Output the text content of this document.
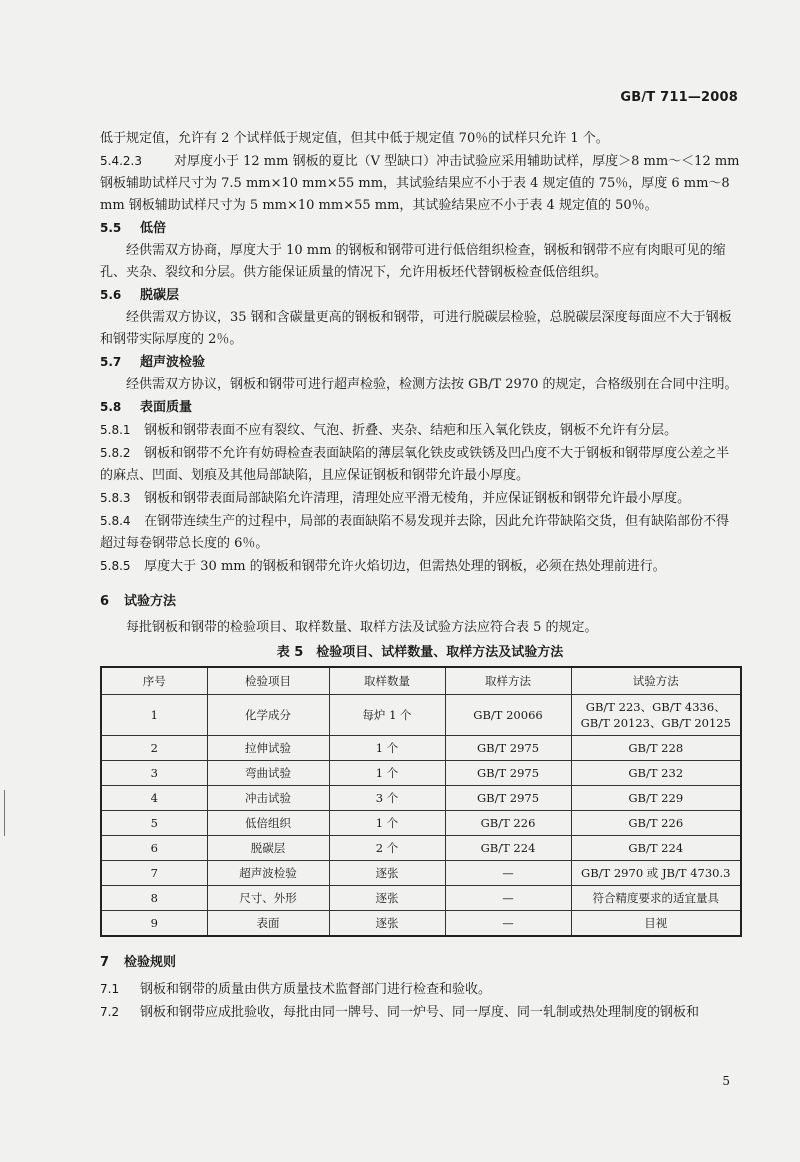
GB/T 711—2008

低于规定值，允许有 2 个试样低于规定值，但其中低于规定值 70％的试样只允许 1 个。

5.4.2.3 对厚度小于 12 mm 钢板的夏比（V 型缺口）冲击试验应采用辅助试样，厚度＞8 mm～＜12 mm 钢板辅助试样尺寸为 7.5 mm×10 mm×55 mm，其试验结果应不小于表 4 规定值的 75％，厚度 6 mm～8 mm 钢板辅助试样尺寸为 5 mm×10 mm×55 mm，其试验结果应不小于表 4 规定值的 50％。

5.5 低倍

经供需双方协商，厚度大于 10 mm 的钢板和钢带可进行低倍组织检查，钢板和钢带不应有肉眼可见的缩孔、夹杂、裂纹和分层。供方能保证质量的情况下，允许用板坯代替钢板检查低倍组织。

5.6 脱碳层

经供需双方协议，35 钢和含碳量更高的钢板和钢带，可进行脱碳层检验，总脱碳层深度每面应不大于钢板和钢带实际厚度的 2％。

5.7 超声波检验

经供需双方协议，钢板和钢带可进行超声检验，检测方法按 GB/T 2970 的规定，合格级别在合同中注明。

5.8 表面质量

5.8.1 钢板和钢带表面不应有裂纹、气泡、折叠、夹杂、结疤和压入氧化铁皮，钢板不允许有分层。

5.8.2 钢板和钢带不允许有妨碍检查表面缺陷的薄层氧化铁皮或铁锈及凹凸度不大于钢板和钢带厚度公差之半的麻点、凹面、划痕及其他局部缺陷，且应保证钢板和钢带允许最小厚度。

5.8.3 钢板和钢带表面局部缺陷允许清理，清理处应平滑无棱角，并应保证钢板和钢带允许最小厚度。

5.8.4 在钢带连续生产的过程中，局部的表面缺陷不易发现并去除，因此允许带缺陷交货，但有缺陷部份不得超过每卷钢带总长度的 6％。

5.8.5 厚度大于 30 mm 的钢板和钢带允许火焰切边，但需热处理的钢板，必须在热处理前进行。

6 试验方法

每批钢板和钢带的检验项目、取样数量、取样方法及试验方法应符合表 5 的规定。

表 5　检验项目、试样数量、取样方法及试验方法
序号	检验项目	取样数量	取样方法	试验方法
1	化学成分	每炉 1 个	GB/T 20066	GB/T 223、GB/T 4336、
GB/T 20123、GB/T 20125

2	拉伸试验	1 个	GB/T 2975	GB/T 228
3	弯曲试验	1 个	GB/T 2975	GB/T 232
4	冲击试验	3 个	GB/T 2975	GB/T 229
5	低倍组织	1 个	GB/T 226	GB/T 226
6	脱碳层	2 个	GB/T 224	GB/T 224
7	超声波检验	逐张	—	GB/T 2970 或 JB/T 4730.3
8	尺寸、外形	逐张	—	符合精度要求的适宜量具
9	表面	逐张	—	目视
7 检验规则

7.1 钢板和钢带的质量由供方质量技术监督部门进行检查和验收。

7.2 钢板和钢带应成批验收，每批由同一牌号、同一炉号、同一厚度、同一轧制或热处理制度的钢板和

5
